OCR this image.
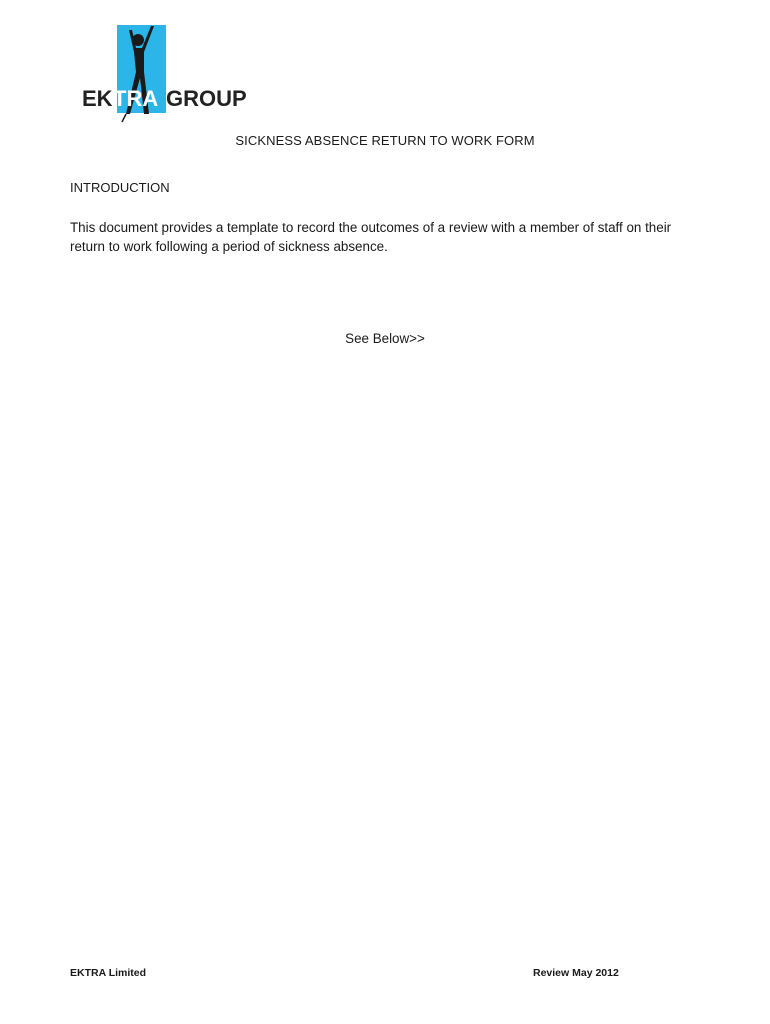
EK TRA GROUP
SICKNESS ABSENCE RETURN TO WORK FORM
INTRODUCTION

This document provides a template to record the outcomes of a review with a member of staff on their return to work following a period of sickness absence.

See Below>>

EKTRA Limited	Review May 2012
